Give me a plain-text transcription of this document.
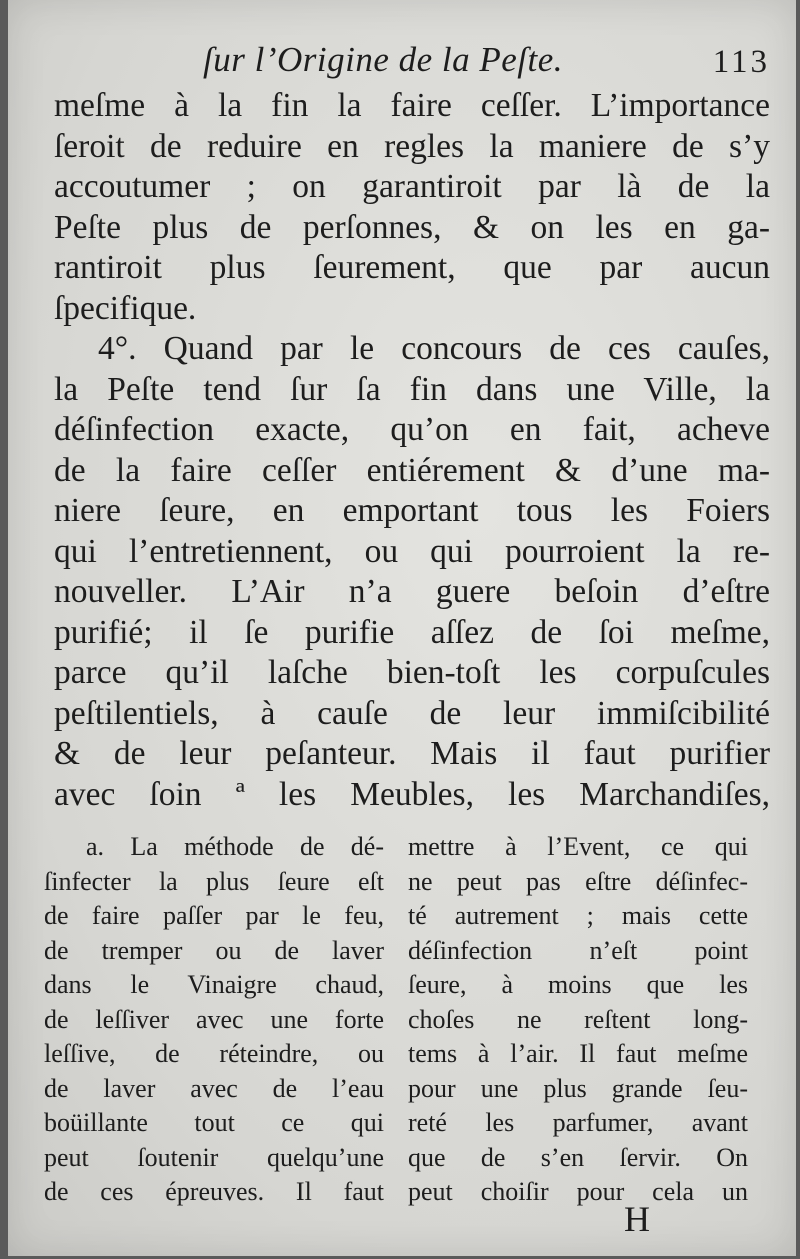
ſur l’Origine de la Peſte.	113
meſme à la fin la faire ceſſer. L’importance
ſeroit de reduire en regles la maniere de s’y
accoutumer ; on garantiroit par là de la
Peſte plus de perſonnes, & on les en ga-
rantiroit plus ſeurement, que par aucun
ſpecifique.
4°. Quand par le concours de ces cauſes,
la Peſte tend ſur ſa fin dans une Ville, la
déſinfection exacte, qu’on en fait, acheve
de la faire ceſſer entiérement & d’une ma-
niere ſeure, en emportant tous les Foiers
qui l’entretiennent, ou qui pourroient la re-
nouveller. L’Air n’a guere beſoin d’eſtre
purifié; il ſe purifie aſſez de ſoi meſme,
parce qu’il laſche bien-toſt les corpuſcules
peſtilentiels, à cauſe de leur immiſcibilité
& de leur peſanteur. Mais il faut purifier
avec ſoin ª les Meubles, les Marchandiſes,
a. La méthode de dé-
ſinfecter la plus ſeure eſt
de faire paſſer par le feu,
de tremper ou de laver
dans le Vinaigre chaud,
de leſſiver avec une forte
leſſive, de réteindre, ou
de laver avec de l’eau
boüillante tout ce qui
peut ſoutenir quelqu’une
de ces épreuves. Il faut
mettre à l’Event, ce qui
ne peut pas eſtre déſinfec-
té autrement ; mais cette
déſinfection n’eſt point
ſeure, à moins que les
choſes ne reſtent long-
tems à l’air. Il faut meſme
pour une plus grande ſeu-
reté les parfumer, avant
que de s’en ſervir. On
peut choiſir pour cela un
H
